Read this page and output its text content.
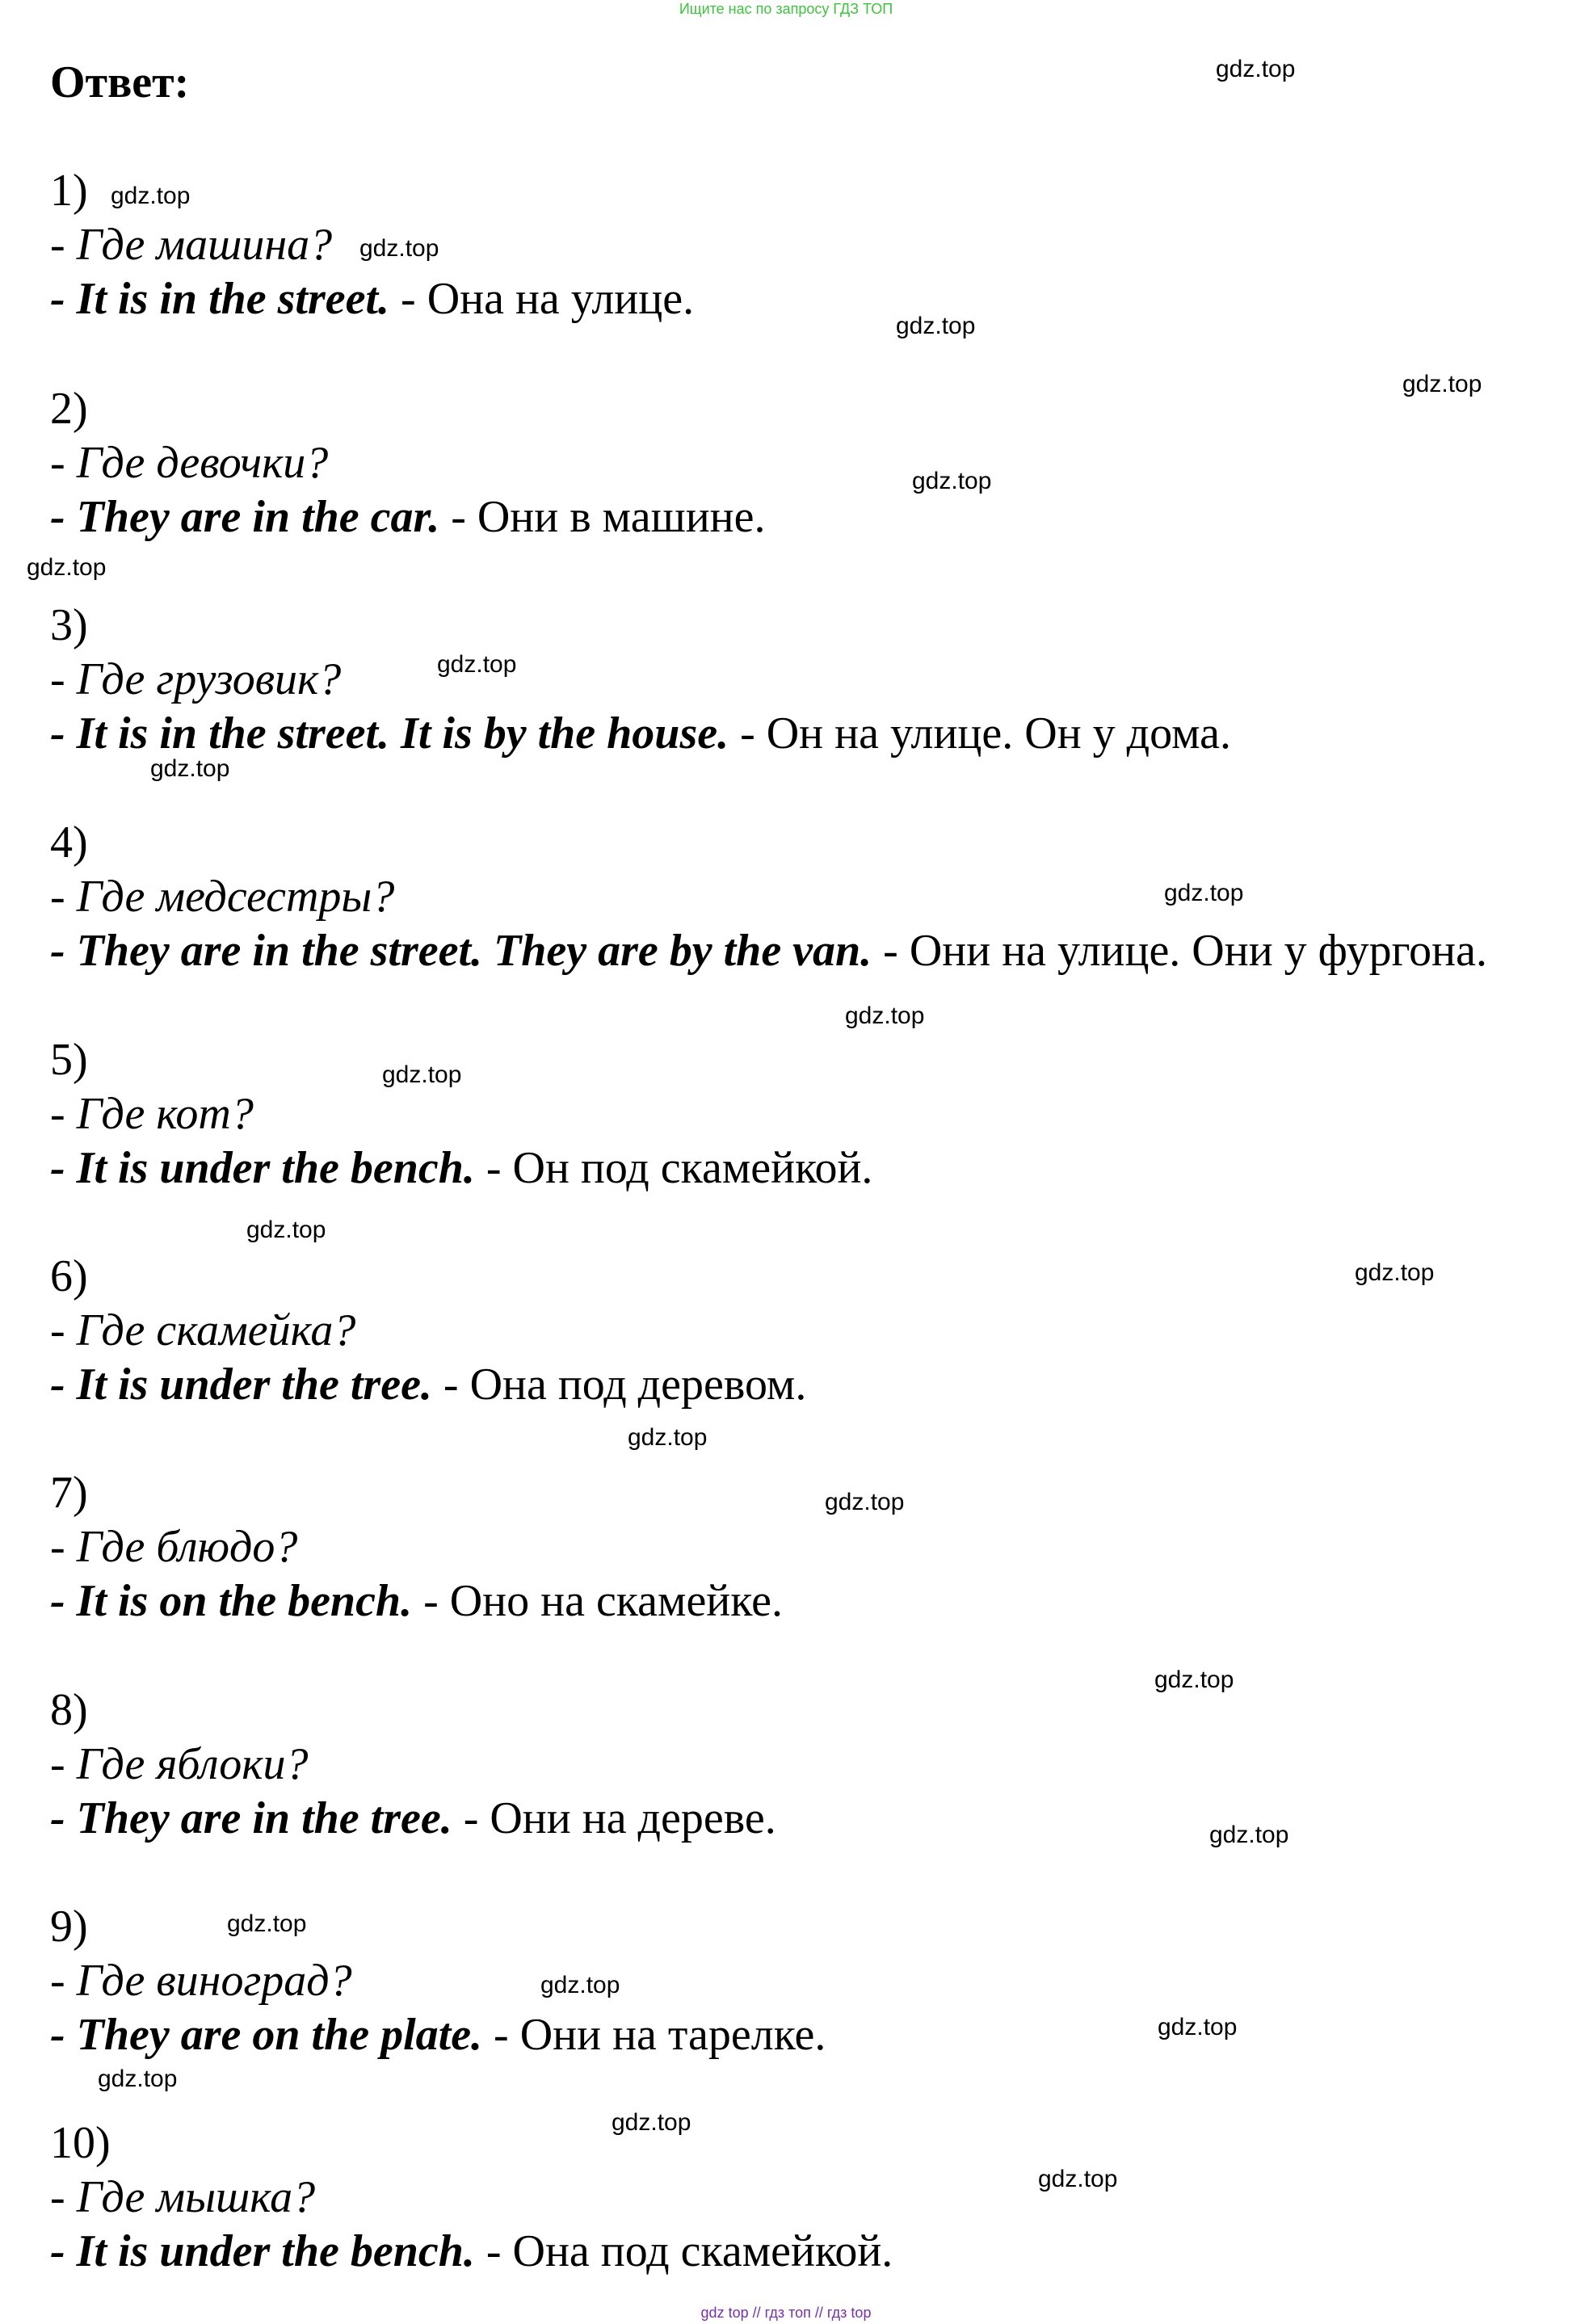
Ищите нас по запросу ГДЗ ТОП
Ответ:
1)
- Где машина?
- It is in the street. - Она на улице.
2)
- Где девочки?
- They are in the car. - Они в машине.
3)
- Где грузовик?
- It is in the street. It is by the house. - Он на улице. Он у дома.
4)
- Где медсестры?
- They are in the street. They are by the van. - Они на улице. Они у фургона.
5)
- Где кот?
- It is under the bench. - Он под скамейкой.
6)
- Где скамейка?
- It is under the tree. - Она под деревом.
7)
- Где блюдо?
- It is on the bench. - Оно на скамейке.
8)
- Где яблоки?
- They are in the tree. - Они на дереве.
9)
- Где виноград?
- They are on the plate. - Они на тарелке.
10)
- Где мышка?
- It is under the bench. - Она под скамейкой.
gdz.top
gdz.top
gdz.top
gdz.top
gdz.top
gdz.top
gdz.top
gdz.top
gdz.top
gdz.top
gdz.top
gdz.top
gdz.top
gdz.top
gdz.top
gdz.top
gdz.top
gdz.top
gdz.top
gdz.top
gdz.top
gdz.top
gdz.top
gdz.top
gdz top // гдз топ // гдз top
